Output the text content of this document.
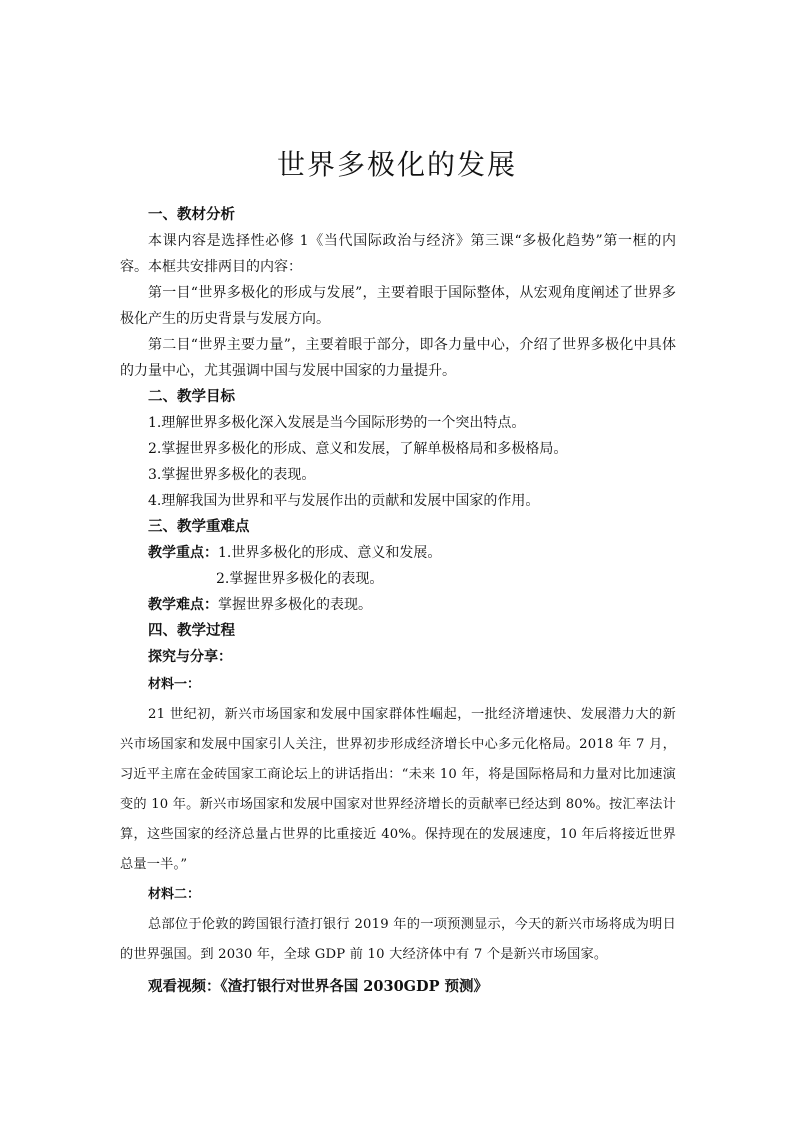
世界多极化的发展
一、教材分析
本课内容是选择性必修 1《当代国际政治与经济》第三课“多极化趋势”第一框的内容。本框共安排两目的内容：
第一目“世界多极化的形成与发展”，主要着眼于国际整体，从宏观角度阐述了世界多极化产生的历史背景与发展方向。
第二目“世界主要力量”，主要着眼于部分，即各力量中心，介绍了世界多极化中具体的力量中心，尤其强调中国与发展中国家的力量提升。
二、教学目标
1.理解世界多极化深入发展是当今国际形势的一个突出特点。
2.掌握世界多极化的形成、意义和发展，了解单极格局和多极格局。
3.掌握世界多极化的表现。
4.理解我国为世界和平与发展作出的贡献和发展中国家的作用。
三、教学重难点
教学重点：1.世界多极化的形成、意义和发展。
2.掌握世界多极化的表现。
教学难点：掌握世界多极化的表现。
四、教学过程
探究与分享：
材料一：
21 世纪初，新兴市场国家和发展中国家群体性崛起，一批经济增速快、发展潜力大的新兴市场国家和发展中国家引人关注，世界初步形成经济增长中心多元化格局。2018 年 7 月，习近平主席在金砖国家工商论坛上的讲话指出：“未来 10 年，将是国际格局和力量对比加速演变的 10 年。新兴市场国家和发展中国家对世界经济增长的贡献率已经达到 80%。按汇率法计算，这些国家的经济总量占世界的比重接近 40%。保持现在的发展速度，10 年后将接近世界总量一半。”
材料二：
总部位于伦敦的跨国银行渣打银行 2019 年的一项预测显示，今天的新兴市场将成为明日的世界强国。到 2030 年，全球 GDP 前 10 大经济体中有 7 个是新兴市场国家。
观看视频：《渣打银行对世界各国 2030GDP 预测》
